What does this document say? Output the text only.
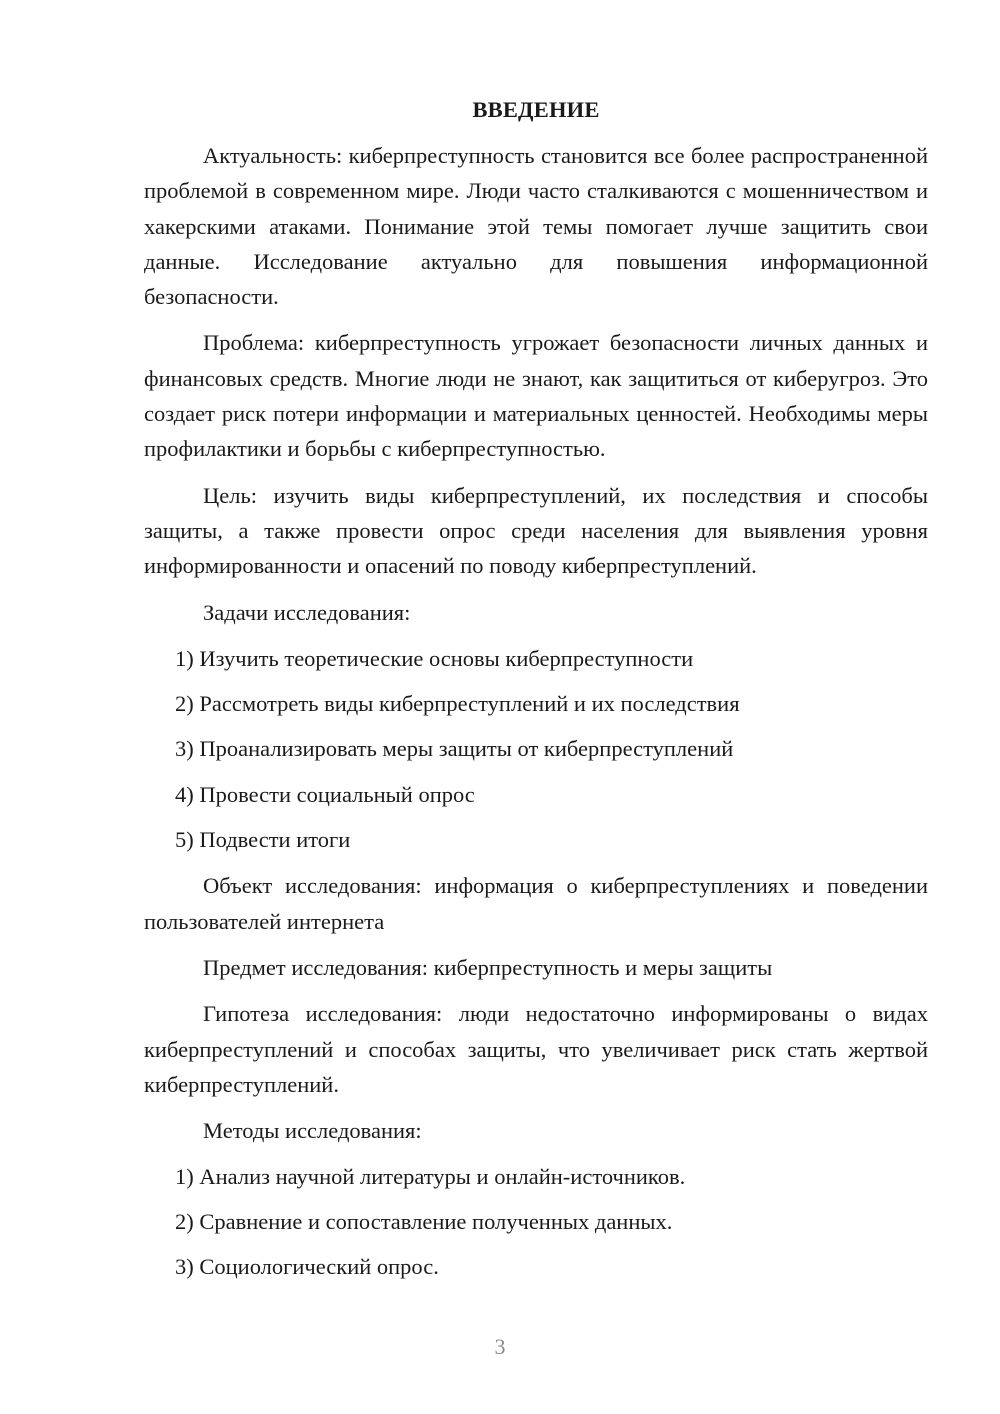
ВВЕДЕНИЕ

Актуальность: киберпреступность становится все более распространенной проблемой в современном мире. Люди часто сталкиваются с мошенничеством и хакерскими атаками. Понимание этой темы помогает лучше защитить свои данные. Исследование актуально для повышения информационной безопасности.

Проблема: киберпреступность угрожает безопасности личных данных и финансовых средств. Многие люди не знают, как защититься от киберугроз. Это создает риск потери информации и материальных ценностей. Необходимы меры профилактики и борьбы с киберпреступностью.

Цель: изучить виды киберпреступлений, их последствия и способы защиты, а также провести опрос среди населения для выявления уровня информированности и опасений по поводу киберпреступлений.

Задачи исследования:

1) Изучить теоретические основы киберпреступности
2) Рассмотреть виды киберпреступлений и их последствия
3) Проанализировать меры защиты от киберпреступлений
4) Провести социальный опрос
5) Подвести итоги

Объект исследования: информация о киберпреступлениях и поведении пользователей интернета

Предмет исследования: киберпреступность и меры защиты

Гипотеза исследования: люди недостаточно информированы о видах киберпреступлений и способах защиты, что увеличивает риск стать жертвой киберпреступлений.

Методы исследования:

1) Анализ научной литературы и онлайн-источников.
2) Сравнение и сопоставление полученных данных.
3) Социологический опрос.
3
